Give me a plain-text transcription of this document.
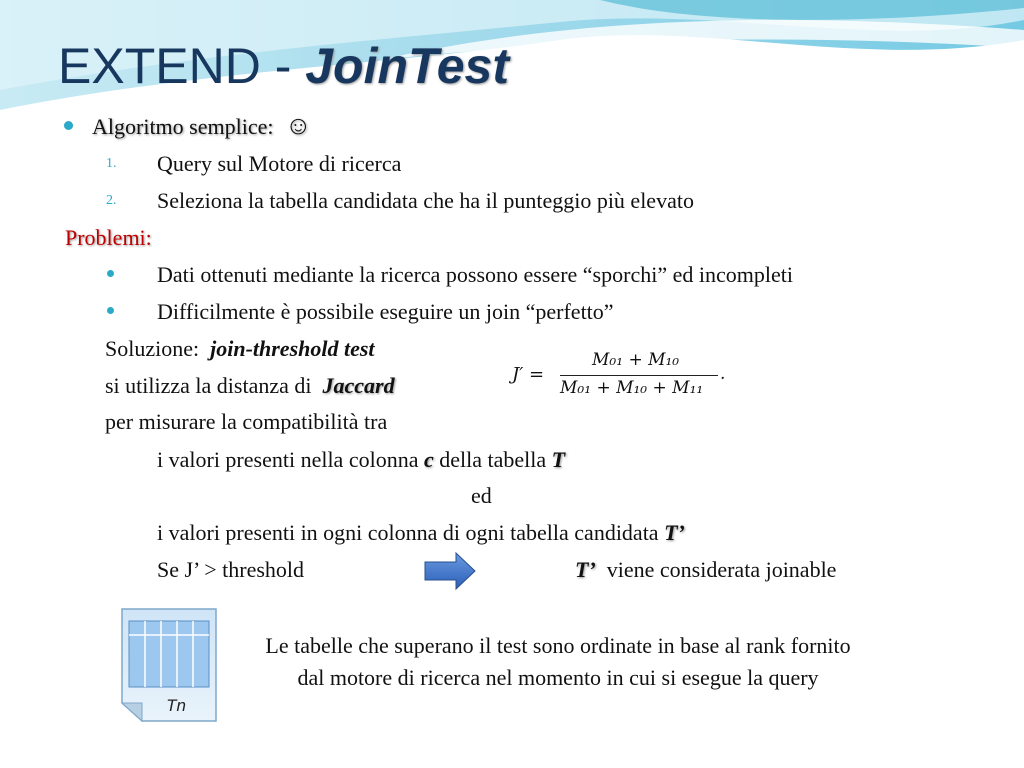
EXTEND - JoinTest
Algoritmo semplice: ☺
1. Query sul Motore di ricerca
2. Seleziona la tabella candidata che ha il punteggio più elevato
Problemi:
Dati ottenuti mediante la ricerca possono essere “sporchi” ed incompleti
Difficilmente è possibile eseguire un join “perfetto”
Soluzione: join-threshold test
si utilizza la distanza di Jaccard
per misurare la compatibilità tra
i valori presenti nella colonna c della tabella T
ed
i valori presenti in ogni colonna di ogni tabella candidata T’
Se J’ > threshold	T’ viene considerata joinable
J′ =
M₀₁ + M₁₀
M₀₁ + M₁₀ + M₁₁
.
Tn
Le tabelle che superano il test sono ordinate in base al rank fornito dal motore di ricerca nel momento in cui si esegue la query
